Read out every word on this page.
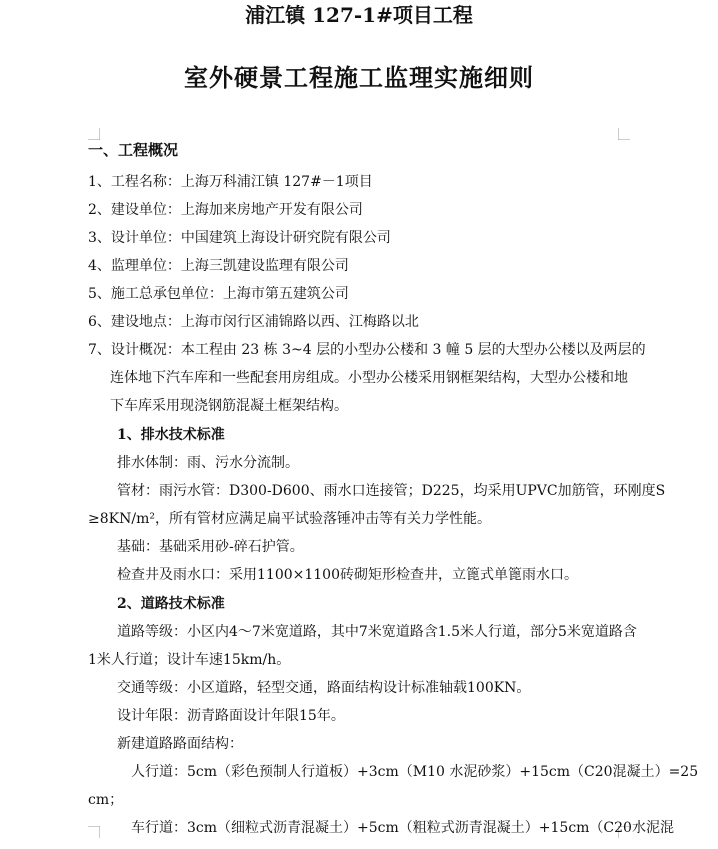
浦江镇 127-1#项目工程
室外硬景工程施工监理实施细则
一、工程概况
1、工程名称：上海万科浦江镇 127#－1项目
2、建设单位：上海加来房地产开发有限公司
3、设计单位：中国建筑上海设计研究院有限公司
4、监理单位：上海三凯建设监理有限公司
5、施工总承包单位：上海市第五建筑公司
6、建设地点：上海市闵行区浦锦路以西、江梅路以北
7、设计概况：本工程由 23 栋 3~4 层的小型办公楼和 3 幢 5 层的大型办公楼以及两层的
连体地下汽车库和一些配套用房组成。小型办公楼采用钢框架结构，大型办公楼和地
下车库采用现浇钢筋混凝土框架结构。
1、排水技术标准
排水体制：雨、污水分流制。
管材：雨污水管：D300-D600、雨水口连接管；D225，均采用UPVC加筋管，环刚度S
≥8KN/m²，所有管材应满足扁平试验落锤冲击等有关力学性能。
基础：基础采用砂-碎石护管。
检查井及雨水口：采用1100×1100砖砌矩形检查井，立篦式单篦雨水口。
2、道路技术标准
道路等级：小区内4～7米宽道路，其中7米宽道路含1.5米人行道，部分5米宽道路含
1米人行道；设计车速15km/h。
交通等级：小区道路，轻型交通，路面结构设计标准轴载100KN。
设计年限：沥青路面设计年限15年。
新建道路路面结构：
人行道：5cm（彩色预制人行道板）+3cm（M10 水泥砂浆）+15cm（C20混凝土）=25
cm；
车行道：3cm（细粒式沥青混凝土）+5cm（粗粒式沥青混凝土）+15cm（C20水泥混
